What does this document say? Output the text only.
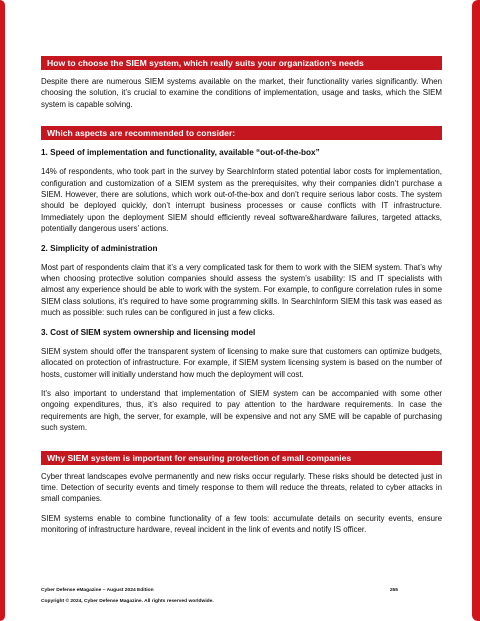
How to choose the SIEM system, which really suits your organization’s needs

Despite there are numerous SIEM systems available on the market, their functionality varies significantly. When choosing the solution, it’s crucial to examine the conditions of implementation, usage and tasks, which the SIEM system is capable solving.

Which aspects are recommended to consider:
1. Speed of implementation and functionality, available “out-of-the-box”

14% of respondents, who took part in the survey by SearchInform stated potential labor costs for implementation, configuration and customization of a SIEM system as the prerequisites, why their companies didn’t purchase a SIEM. However, there are solutions, which work out-of-the-box and don’t require serious labor costs. The system should be deployed quickly, don’t interrupt business processes or cause conflicts with IT infrastructure. Immediately upon the deployment SIEM should efficiently reveal software&hardware failures, targeted attacks, potentially dangerous users’ actions.

2. Simplicity of administration

Most part of respondents claim that it’s a very complicated task for them to work with the SIEM system. That’s why when choosing protective solution companies should assess the system’s usability: IS and IT specialists with almost any experience should be able to work with the system. For example, to configure correlation rules in some SIEM class solutions, it’s required to have some programming skills. In SearchInform SIEM this task was eased as much as possible: such rules can be configured in just a few clicks.

3. Cost of SIEM system ownership and licensing model

SIEM system should offer the transparent system of licensing to make sure that customers can optimize budgets, allocated on protection of infrastructure. For example, if SIEM system licensing system is based on the number of hosts, customer will initially understand how much the deployment will cost.

It’s also important to understand that implementation of SIEM system can be accompanied with some other ongoing expenditures, thus, it’s also required to pay attention to the hardware requirements. In case the requirements are high, the server, for example, will be expensive and not any SME will be capable of purchasing such system.

Why SIEM system is important for ensuring protection of small companies

Cyber threat landscapes evolve permanently and new risks occur regularly. These risks should be detected just in time. Detection of security events and timely response to them will reduce the threats, related to cyber attacks in small companies.

SIEM systems enable to combine functionality of a few tools: accumulate details on security events, ensure monitoring of infrastructure hardware, reveal incident in the link of events and notify IS officer.

Cyber Defense eMagazine – August 2024 Edition	255
Copyright © 2024, Cyber Defense Magazine. All rights reserved worldwide.
